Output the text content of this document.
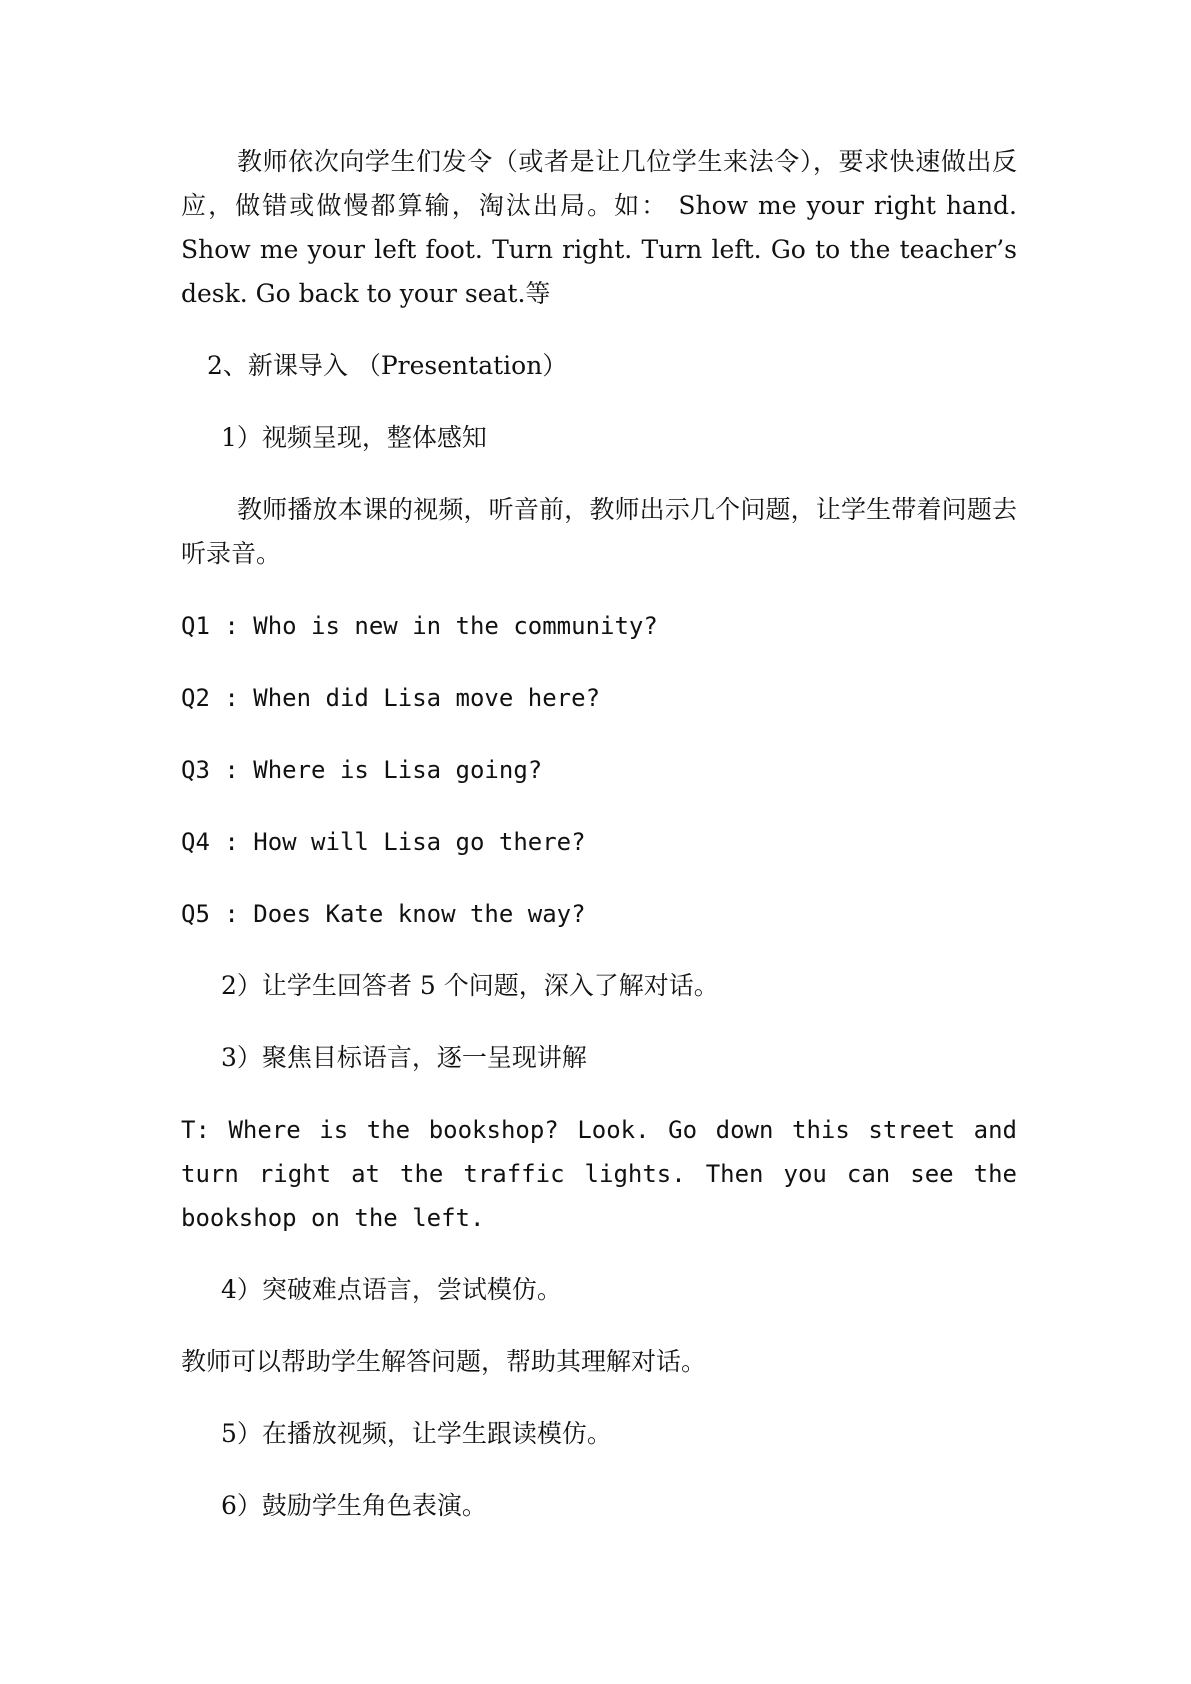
教师依次向学生们发令（或者是让几位学生来法令），要求快速做出反应，做错或做慢都算输，淘汰出局。如： Show me your right hand. Show me your left foot. Turn right. Turn left. Go to the teacher’s desk. Go back to your seat.等

2、新课导入 （Presentation）

1）视频呈现，整体感知

教师播放本课的视频，听音前，教师出示几个问题，让学生带着问题去听录音。

Q1 : Who is new in the community?

Q2 : When did Lisa move here?

Q3 : Where is Lisa going?

Q4 : How will Lisa go there?

Q5 : Does Kate know the way?

2）让学生回答者 5 个问题，深入了解对话。

3）聚焦目标语言，逐一呈现讲解

T: Where is the bookshop? Look. Go down this street and turn right at the traffic lights. Then you can see the bookshop on the left.

4）突破难点语言，尝试模仿。

教师可以帮助学生解答问题，帮助其理解对话。

5）在播放视频，让学生跟读模仿。

6）鼓励学生角色表演。
